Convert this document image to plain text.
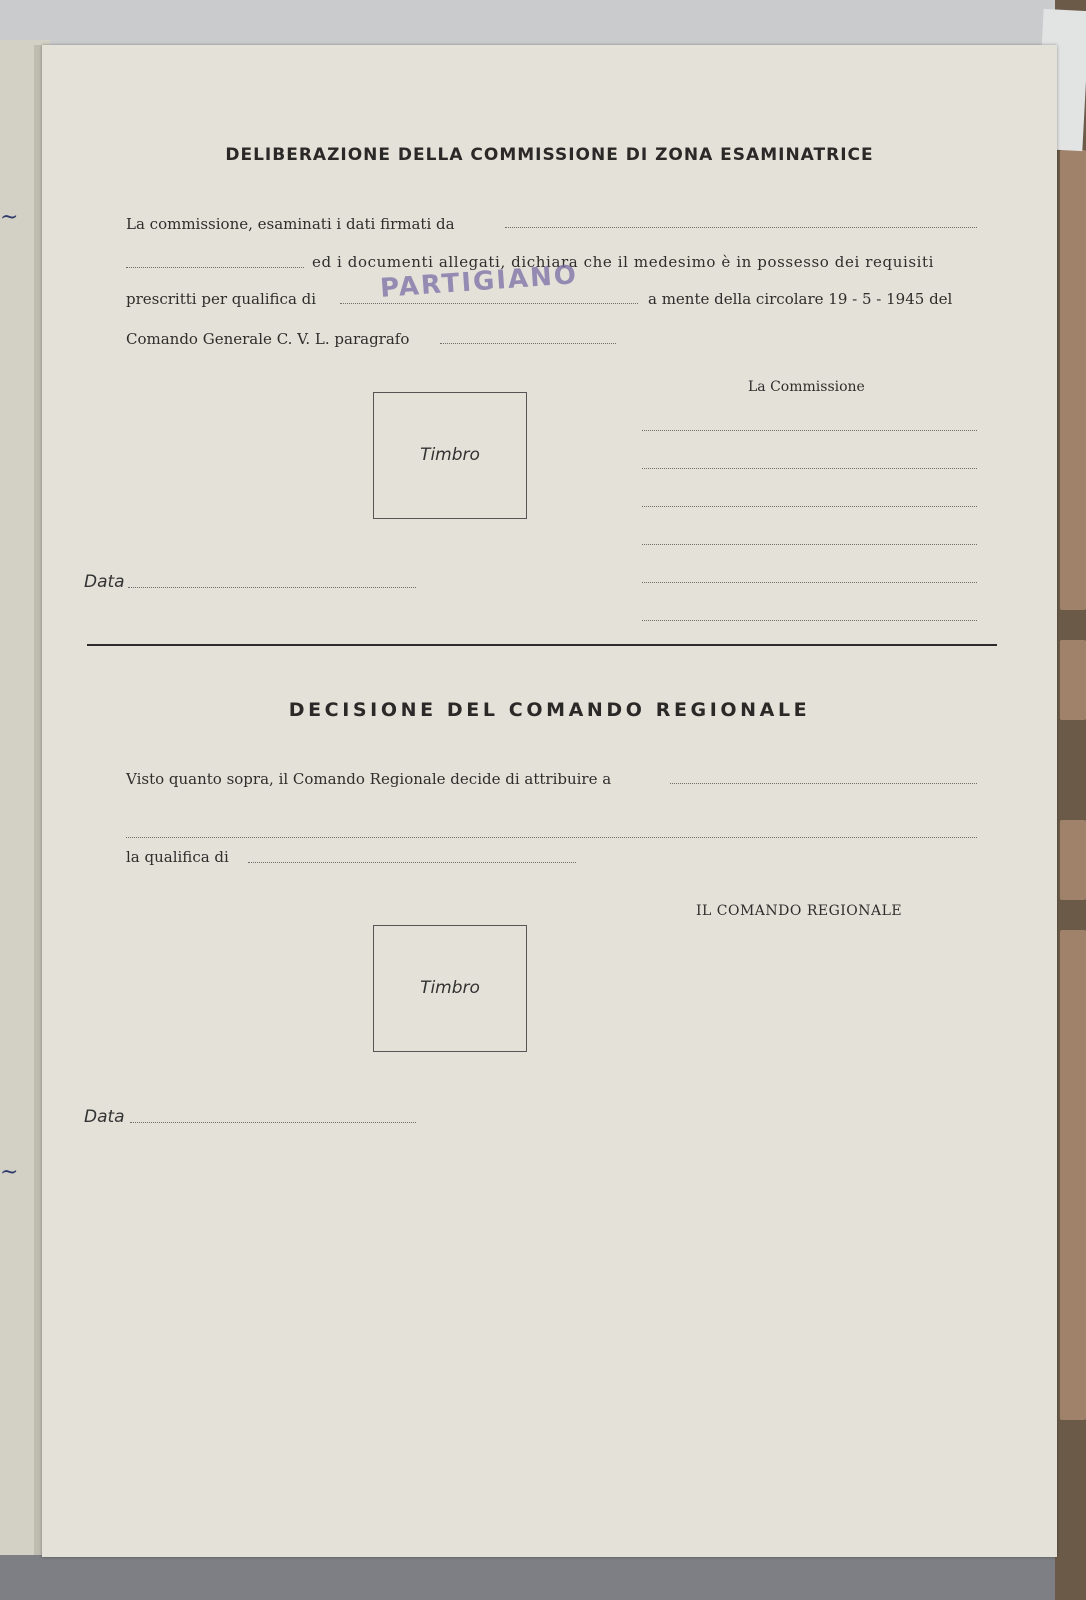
~
~
DELIBERAZIONE DELLA COMMISSIONE DI ZONA ESAMINATRICE
La commissione, esaminati i dati firmati da
ed i documenti allegati, dichiara che il medesimo è in possesso dei requisiti
prescritti per qualifica di PARTIGIANO	a mente della circolare 19 - 5 - 1945 del
Comando Generale C. V. L. paragrafo
Timbro
La Commissione
Data
DECISIONE DEL COMANDO REGIONALE
Visto quanto sopra, il Comando Regionale decide di attribuire a
la qualifica di
IL COMANDO REGIONALE
Timbro
Data
